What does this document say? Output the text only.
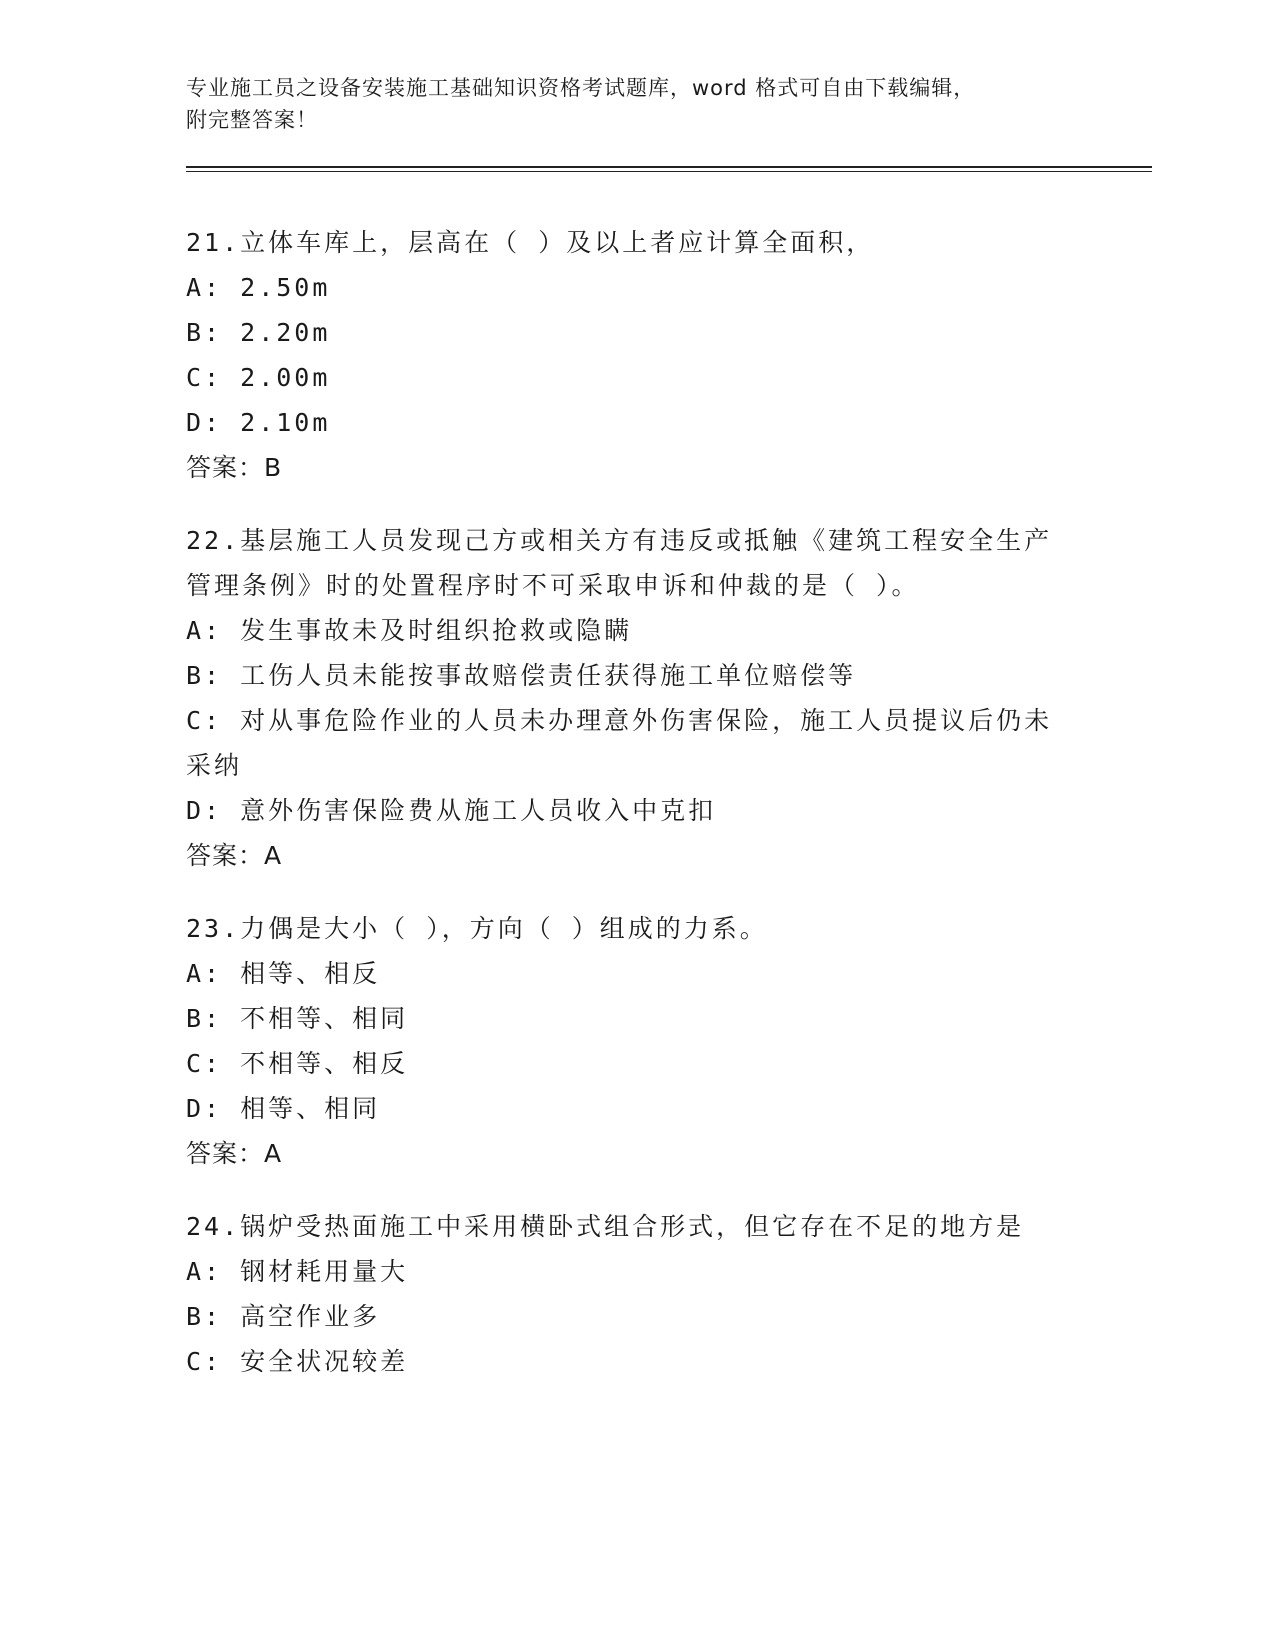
专业施工员之设备安装施工基础知识资格考试题库，word 格式可自由下载编辑，
附完整答案！
21.立体车库上，层高在（ ）及以上者应计算全面积，
A: 2.50m
B: 2.20m
C: 2.00m
D: 2.10m
答案：B
22.基层施工人员发现己方或相关方有违反或抵触《建筑工程安全生产
管理条例》时的处置程序时不可采取申诉和仲裁的是（ ）。
A: 发生事故未及时组织抢救或隐瞒
B: 工伤人员未能按事故赔偿责任获得施工单位赔偿等
C: 对从事危险作业的人员未办理意外伤害保险，施工人员提议后仍未
采纳
D: 意外伤害保险费从施工人员收入中克扣
答案：A
23.力偶是大小（ ），方向（ ）组成的力系。
A: 相等、相反
B: 不相等、相同
C: 不相等、相反
D: 相等、相同
答案：A
24.锅炉受热面施工中采用横卧式组合形式，但它存在不足的地方是
A: 钢材耗用量大
B: 高空作业多
C: 安全状况较差
